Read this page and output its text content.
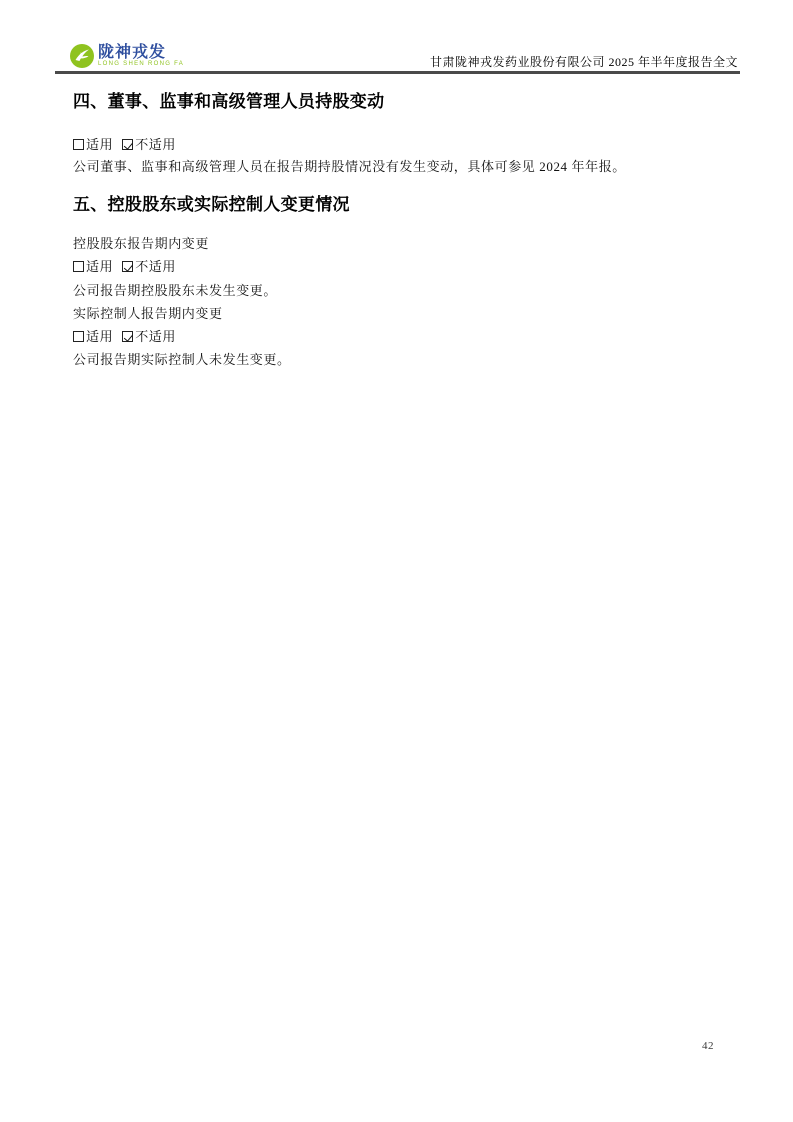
陇神戎发
LONG SHEN RONG FA	甘肃陇神戎发药业股份有限公司 2025 年半年度报告全文
四、董事、监事和高级管理人员持股变动
适用 不适用
公司董事、监事和高级管理人员在报告期持股情况没有发生变动，具体可参见 2024 年年报。
五、控股股东或实际控制人变更情况
控股股东报告期内变更
适用 不适用
公司报告期控股股东未发生变更。
实际控制人报告期内变更
适用 不适用
公司报告期实际控制人未发生变更。
42
